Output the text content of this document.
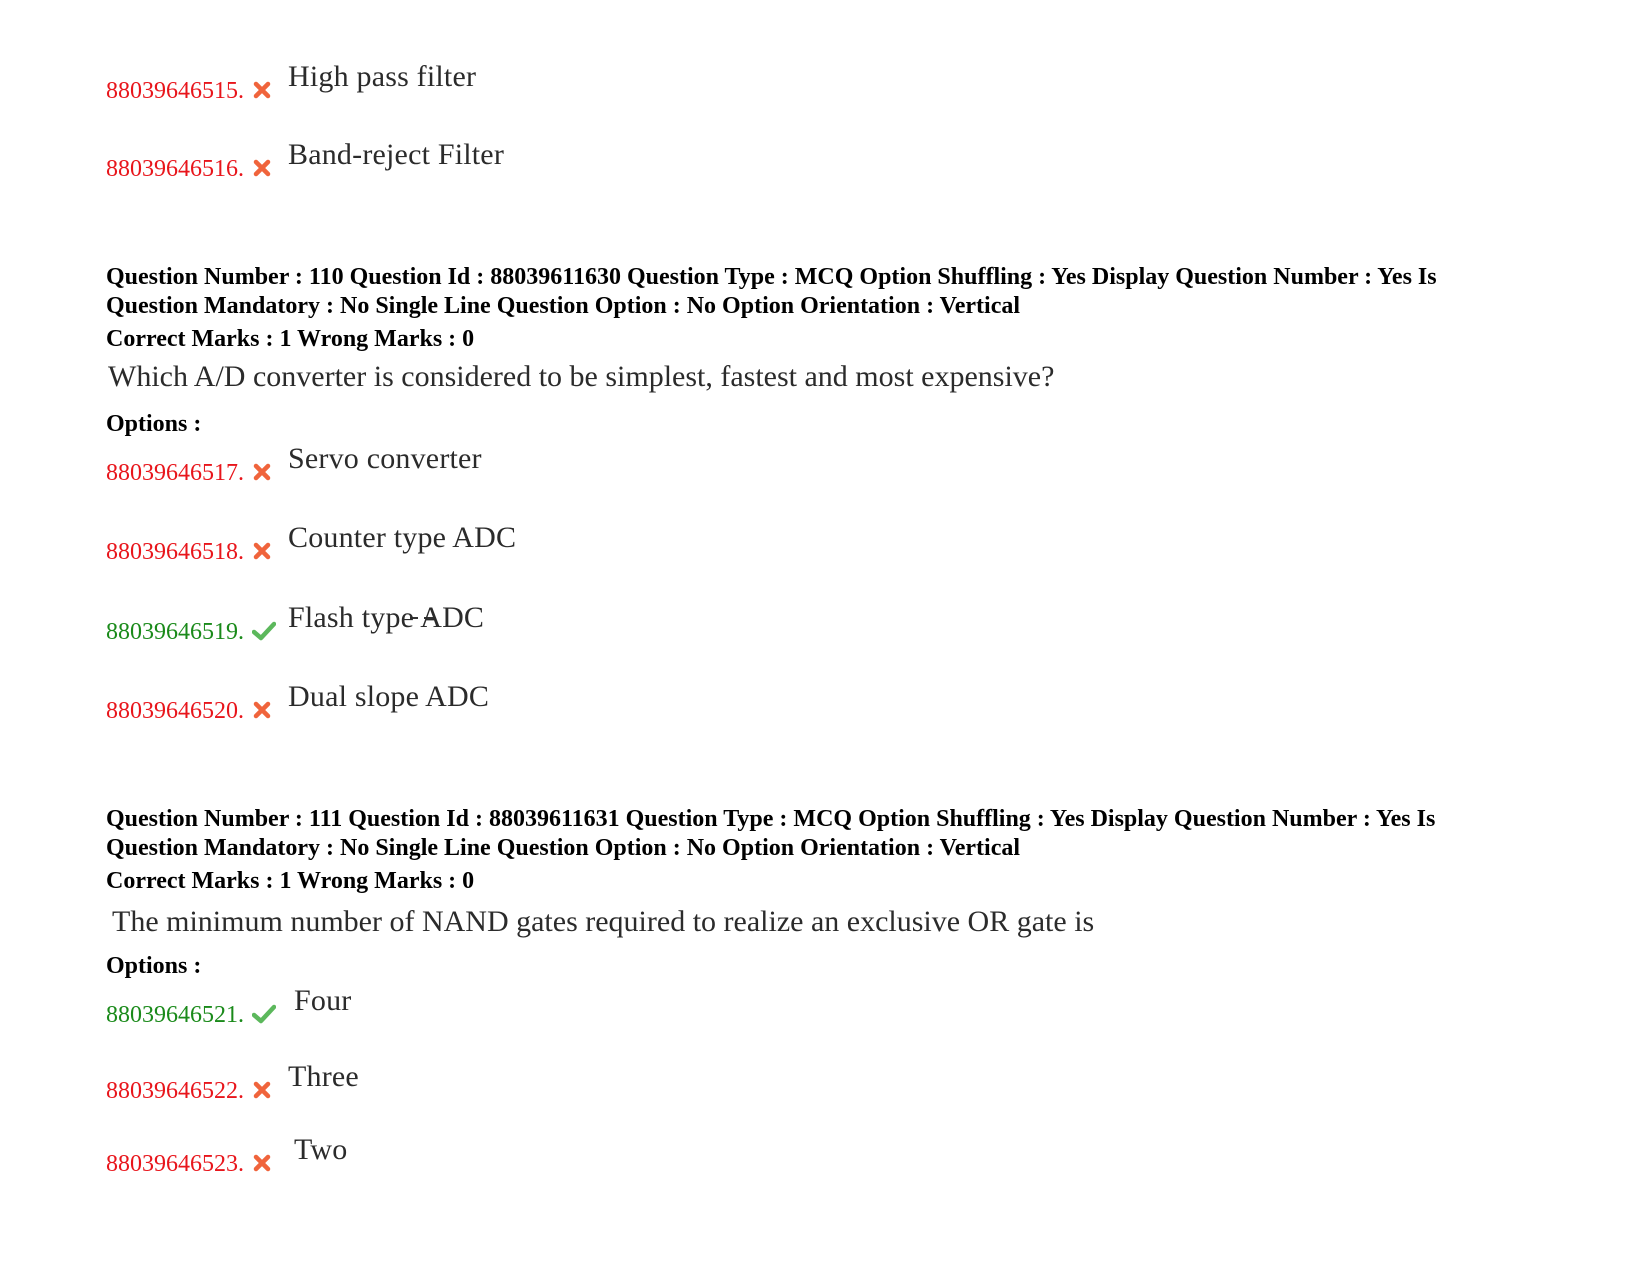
88039646515. High pass filter
88039646516. Band-reject Filter
Question Number : 110 Question Id : 88039611630 Question Type : MCQ Option Shuffling : Yes Display Question Number : Yes Is
Question Mandatory : No Single Line Question Option : No Option Orientation : Vertical
Correct Marks : 1 Wrong Marks : 0
Which A/D converter is considered to be simplest, fastest and most expensive?
Options :
88039646517. Servo converter
88039646518. Counter type ADC
88039646519. Flash type ADC
88039646520. Dual slope ADC
Question Number : 111 Question Id : 88039611631 Question Type : MCQ Option Shuffling : Yes Display Question Number : Yes Is
Question Mandatory : No Single Line Question Option : No Option Orientation : Vertical
Correct Marks : 1 Wrong Marks : 0
The minimum number of NAND gates required to realize an exclusive OR gate is
Options :
88039646521. Four
88039646522. Three
88039646523. Two
